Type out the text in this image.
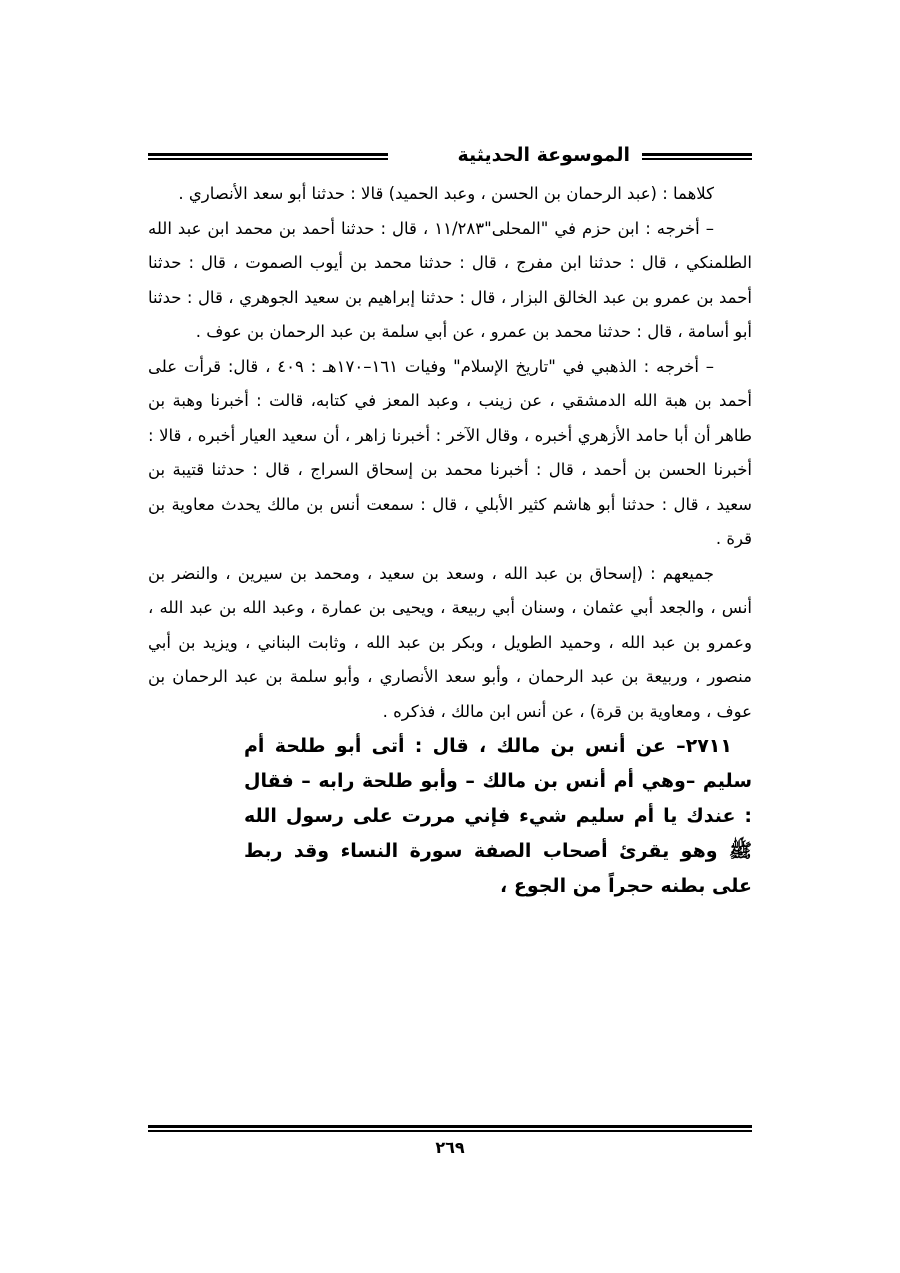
الموسوعة الحديثية

كلاهما : (عبد الرحمان بن الحسن ، وعبد الحميد) قالا : حدثنا أبو سعد الأنصاري .

– أخرجه : ابن حزم في "المحلى"١١/٢٨٣ ، قال : حدثنا أحمد بن محمد ابن عبد الله الطلمنكي ، قال : حدثنا ابن مفرج ، قال : حدثنا محمد بن أيوب الصموت ، قال : حدثنا أحمد بن عمرو بن عبد الخالق البزار ، قال : حدثنا إبراهيم بن سعيد الجوهري ، قال : حدثنا أبو أسامة ، قال : حدثنا محمد بن عمرو ، عن أبي سلمة بن عبد الرحمان بن عوف .

– أخرجه : الذهبي في "تاريخ الإسلام" وفيات ١٦١–١٧٠هـ : ٤٠٩ ، قال: قرأت على أحمد بن هبة الله الدمشقي ، عن زينب ، وعبد المعز في كتابه، قالت : أخبرنا وهبة بن طاهر أن أبا حامد الأزهري أخبره ، وقال الآخر : أخبرنا زاهر ، أن سعيد العيار أخبره ، قالا : أخبرنا الحسن بن أحمد ، قال : أخبرنا محمد بن إسحاق السراج ، قال : حدثنا قتيبة بن سعيد ، قال : حدثنا أبو هاشم كثير الأبلي ، قال : سمعت أنس بن مالك يحدث معاوية بن قرة .

جميعهم : (إسحاق بن عبد الله ، وسعد بن سعيد ، ومحمد بن سيرين ، والنضر بن أنس ، والجعد أبي عثمان ، وسنان أبي ربيعة ، ويحيى بن عمارة ، وعبد الله بن عبد الله ، وعمرو بن عبد الله ، وحميد الطويل ، وبكر بن عبد الله ، وثابت البناني ، ويزيد بن أبي منصور ، وربيعة بن عبد الرحمان ، وأبو سعد الأنصاري ، وأبو سلمة بن عبد الرحمان بن عوف ، ومعاوية بن قرة) ، عن أنس ابن مالك ، فذكره .

٢٧١١– عن أنس بن مالك ، قال : أتى أبو طلحة أم سليم –وهي أم أنس بن مالك – وأبو طلحة رابه – فقال : عندك يا أم سليم شيء فإني مررت على رسول الله ﷺ وهو يقرئ أصحاب الصفة سورة النساء وقد ربط على بطنه حجراً من الجوع ،

٢٦٩
